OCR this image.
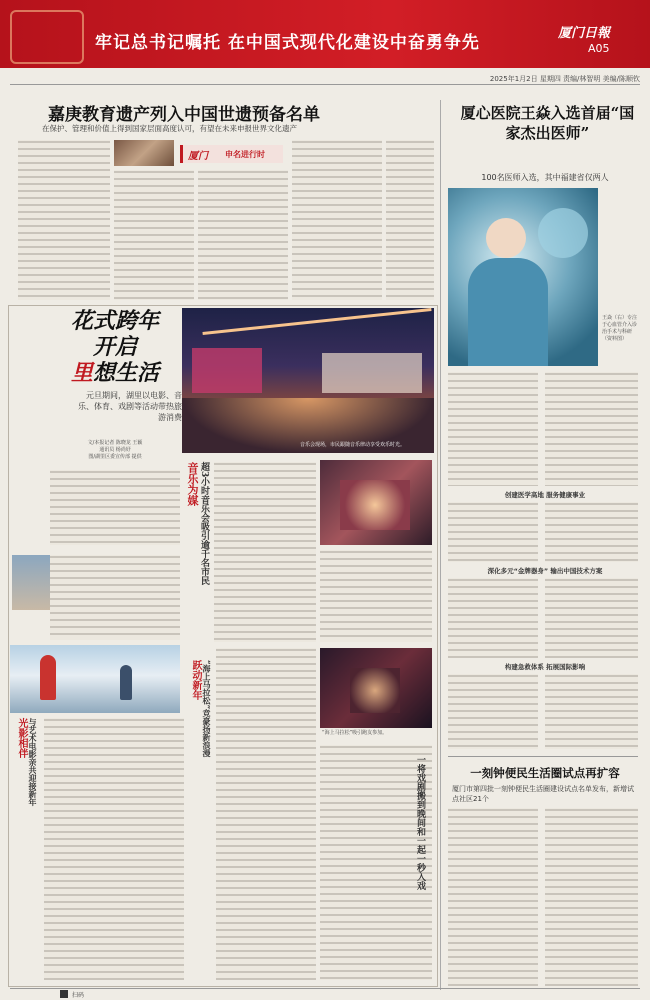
牢记总书记嘱托 在中国式现代化建设中奋勇争先	厦门日報
A05
2025年1月2日 星期四 责编/林智明 美编/陈顺钦
嘉庚教育遗产列入中国世遗预备名单
在保护、管理和价值上得到国家层面高度认可，有望在未来申报世界文化遗产
厦门 申名进行时
厦心医院王焱入选首届“国家杰出医师”
100名医师入选，其中福建省仅两人
王焱（右）专注于心血管介入诊治手术与科研（资料图）
创建医学高地 服务健康事业
深化多元“金牌器身” 输出中国技术方案
构建急救体系 拓展国际影响
一刻钟便民生活圈试点再扩容
厦门市第四批一刻钟便民生活圈建设试点名单发布，新增试点社区21个
花式跨年
开启
里想生活
元旦期间，湖里以电影、音乐、体育、戏剧等活动带热旅游消费
文/本报记者 陈晓龙 王颖
通讯员 杨尚妤
图/湖里区委宣传部 提供
音乐会现场，市民跟随音乐律动享受欢乐时光。
音乐为媒 超3小时音乐会吸引逾千名市民
光影相伴 与艺术电影亲共迎接新年
跃动新年 “海上马拉松”竞豪扬新浪漫	“海上马拉松”吸引跑友参加。
一将戏剧搬到晚间和一起一秒入戏
扫码
